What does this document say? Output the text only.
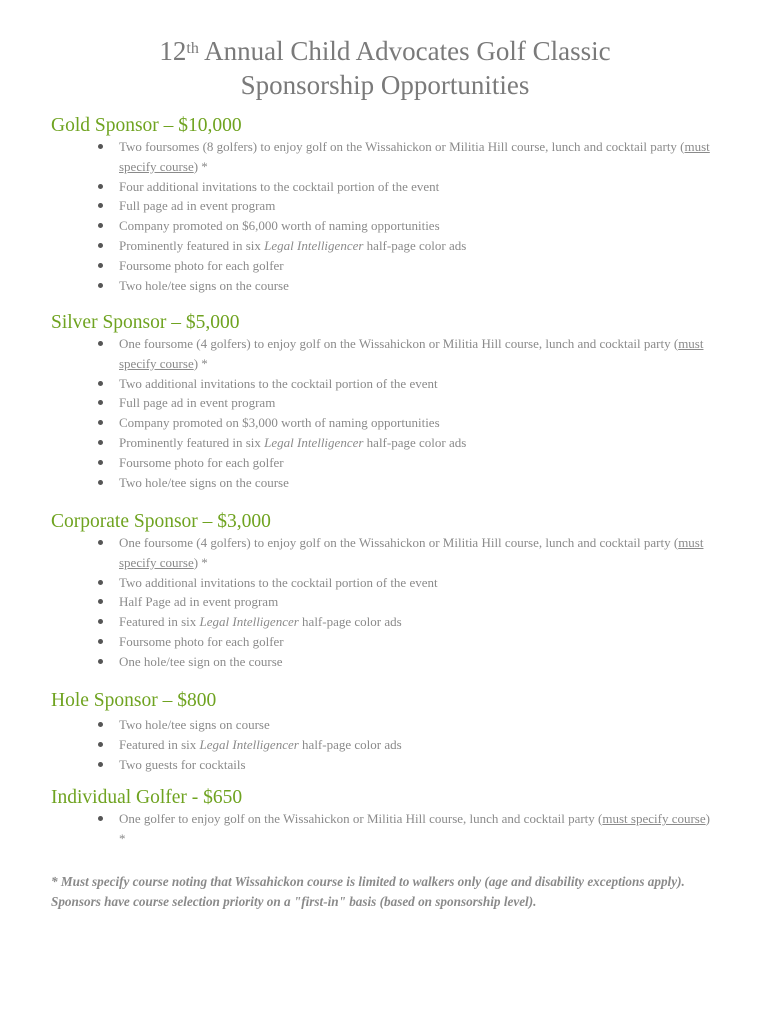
12th Annual Child Advocates Golf Classic
Sponsorship Opportunities
Gold Sponsor – $10,000
Two foursomes (8 golfers) to enjoy golf on the Wissahickon or Militia Hill course, lunch and cocktail party (must specify course) *
Four additional invitations to the cocktail portion of the event
Full page ad in event program
Company promoted on $6,000 worth of naming opportunities
Prominently featured in six Legal Intelligencer half-page color ads
Foursome photo for each golfer
Two hole/tee signs on the course
Silver Sponsor – $5,000
One foursome (4 golfers) to enjoy golf on the Wissahickon or Militia Hill course, lunch and cocktail party (must specify course) *
Two additional invitations to the cocktail portion of the event
Full page ad in event program
Company promoted on $3,000 worth of naming opportunities
Prominently featured in six Legal Intelligencer half-page color ads
Foursome photo for each golfer
Two hole/tee signs on the course
Corporate Sponsor – $3,000
One foursome (4 golfers) to enjoy golf on the Wissahickon or Militia Hill course, lunch and cocktail party (must specify course) *
Two additional invitations to the cocktail portion of the event
Half Page ad in event program
Featured in six Legal Intelligencer half-page color ads
Foursome photo for each golfer
One hole/tee sign on the course
Hole Sponsor – $800
Two hole/tee signs on course
Featured in six Legal Intelligencer half-page color ads
Two guests for cocktails
Individual Golfer - $650
One golfer to enjoy golf on the Wissahickon or Militia Hill course, lunch and cocktail party (must specify course) *
* Must specify course noting that Wissahickon course is limited to walkers only (age and disability exceptions apply). Sponsors have course selection priority on a "first-in" basis (based on sponsorship level).
